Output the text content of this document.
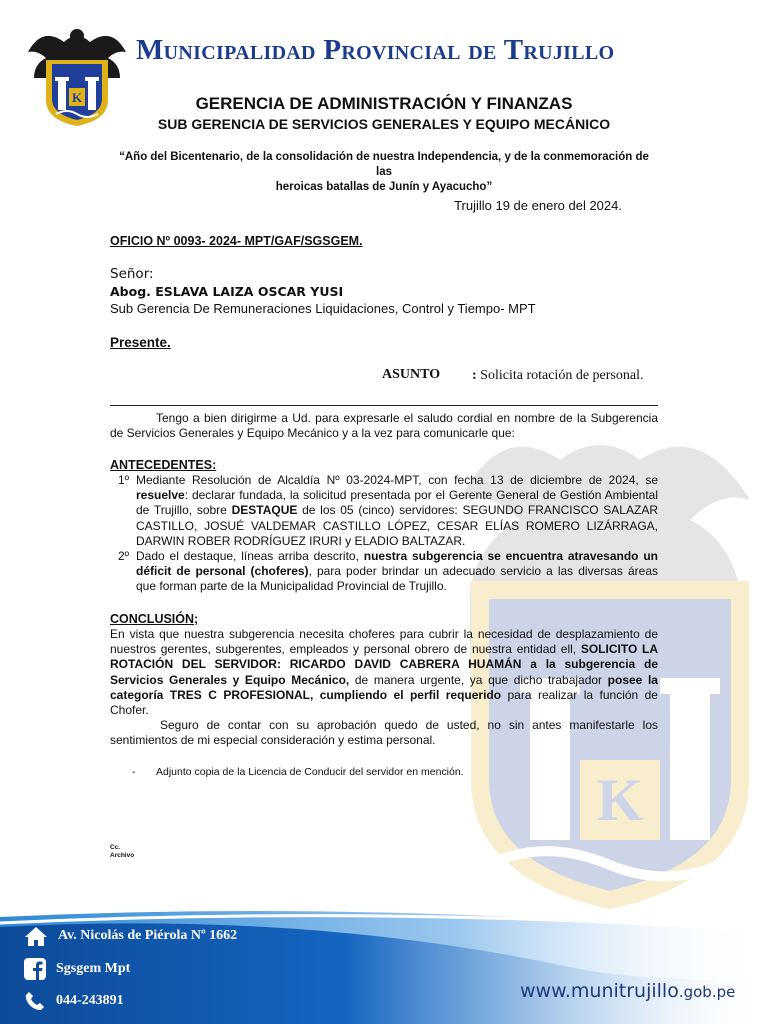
K
K
Municipalidad Provincial de Trujillo
GERENCIA DE ADMINISTRACIÓN Y FINANZAS
SUB GERENCIA DE SERVICIOS GENERALES Y EQUIPO MECÁNICO
“Año del Bicentenario, de la consolidación de nuestra Independencia, y de la conmemoración de las
heroicas batallas de Junín y Ayacucho”
Trujillo 19 de enero del 2024.
OFICIO Nº 0093- 2024- MPT/GAF/SGSGEM.
Señor:
Abog. ESLAVA LAIZA OSCAR YUSI
Sub Gerencia De Remuneraciones Liquidaciones, Control y Tiempo- MPT
Presente.
ASUNTO : Solicita rotación de personal.
Tengo a bien dirigirme a Ud. para expresarle el saludo cordial en nombre de la Subgerencia de Servicios Generales y Equipo Mecánico y a la vez para comunicarle que:
ANTECEDENTES:
1º Mediante Resolución de Alcaldía Nº 03-2024-MPT, con fecha 13 de diciembre de 2024, se resuelve: declarar fundada, la solicitud presentada por el Gerente General de Gestión Ambiental de Trujillo, sobre DESTAQUE de los 05 (cinco) servidores: SEGUNDO FRANCISCO SALAZAR CASTILLO, JOSUÉ VALDEMAR CASTILLO LÓPEZ, CESAR ELÍAS ROMERO LIZÁRRAGA, DARWIN ROBER RODRÍGUEZ IRURI y ELADIO BALTAZAR.
2º Dado el destaque, líneas arriba descrito, nuestra subgerencia se encuentra atravesando un déficit de personal (choferes), para poder brindar un adecuado servicio a las diversas áreas que forman parte de la Municipalidad Provincial de Trujillo.
CONCLUSIÓN;
En vista que nuestra subgerencia necesita choferes para cubrir la necesidad de desplazamiento de nuestros gerentes, subgerentes, empleados y personal obrero de nuestra entidad ell, SOLICITO LA ROTACIÓN DEL SERVIDOR: RICARDO DAVID CABRERA HUAMÁN a la subgerencia de Servicios Generales y Equipo Mecánico, de manera urgente, ya que dicho trabajador posee la categoría TRES C PROFESIONAL, cumpliendo el perfil requerido para realizar la función de Chofer.
Seguro de contar con su aprobación quedo de usted, no sin antes manifestarle los sentimientos de mi especial consideración y estima personal.
- Adjunto copia de la Licencia de Conducir del servidor en mención.
Cc.
Archivo
Av. Nicolás de Piérola Nº 1662
Sgsgem Mpt
044-243891	www.munitrujillo.gob.pe
